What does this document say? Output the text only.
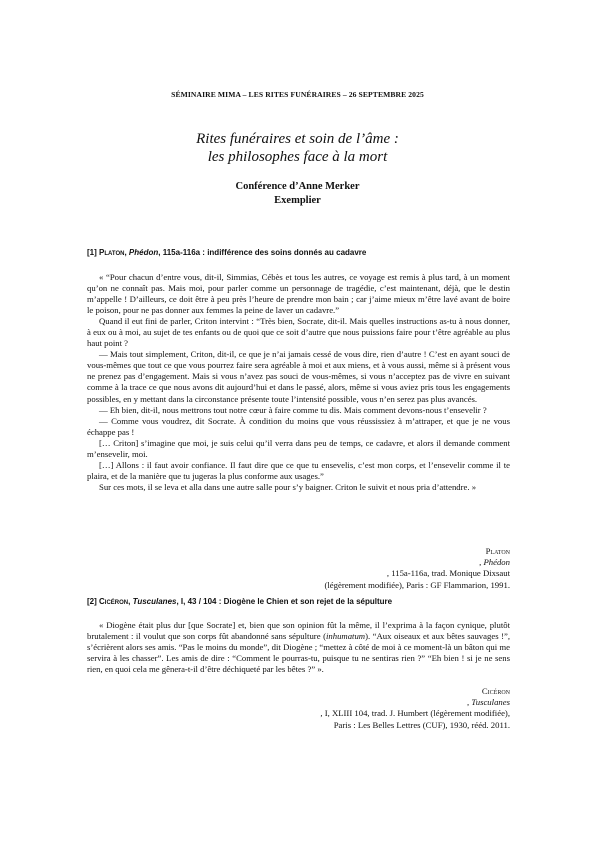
SÉMINAIRE MIMA – LES RITES FUNÉRAIRES – 26 SEPTEMBRE 2025
Rites funéraires et soin de l’âme :
les philosophes face à la mort
Conférence d’Anne Merker
Exemplier
[1] Platon, Phédon, 115a-116a : indifférence des soins donnés au cadavre

« “Pour chacun d’entre vous, dit-il, Simmias, Cébès et tous les autres, ce voyage est remis à plus tard, à un moment qu’on ne connaît pas. Mais moi, pour parler comme un personnage de tragédie, c’est maintenant, déjà, que le destin m’appelle ! D’ailleurs, ce doit être à peu près l’heure de prendre mon bain ; car j’aime mieux m’être lavé avant de boire le poison, pour ne pas donner aux femmes la peine de laver un cadavre.”

Quand il eut fini de parler, Criton intervint : “Très bien, Socrate, dit-il. Mais quelles instructions as-tu à nous donner, à eux ou à moi, au sujet de tes enfants ou de quoi que ce soit d’autre que nous puissions faire pour t’être agréable au plus haut point ?

— Mais tout simplement, Criton, dit-il, ce que je n’ai jamais cessé de vous dire, rien d’autre ! C’est en ayant souci de vous-mêmes que tout ce que vous pourrez faire sera agréable à moi et aux miens, et à vous aussi, même si à présent vous ne prenez pas d’engagement. Mais si vous n’avez pas souci de vous-mêmes, si vous n’acceptez pas de vivre en suivant comme à la trace ce que nous avons dit aujourd’hui et dans le passé, alors, même si vous aviez pris tous les engagements possibles, en y mettant dans la circonstance présente toute l’intensité possible, vous n’en serez pas plus avancés.

— Eh bien, dit-il, nous mettrons tout notre cœur à faire comme tu dis. Mais comment devons-nous t’ensevelir ?

— Comme vous voudrez, dit Socrate. À condition du moins que vous réussissiez à m’attraper, et que je ne vous échappe pas !

[… Criton] s’imagine que moi, je suis celui qu’il verra dans peu de temps, ce cadavre, et alors il demande comment m’ensevelir, moi.

[…] Allons : il faut avoir confiance. Il faut dire que ce que tu ensevelis, c’est mon corps, et l’ensevelir comme il te plaira, et de la manière que tu jugeras la plus conforme aux usages.”

Sur ces mots, il se leva et alla dans une autre salle pour s’y baigner. Criton le suivit et nous pria d’attendre. »

Platon
, Phédon
, 115a-116a, trad. Monique Dixsaut
(légèrement modifiée), Paris : GF Flammarion, 1991.
[2] Cicéron, Tusculanes, I, 43 / 104 : Diogène le Chien et son rejet de la sépulture

« Diogène était plus dur [que Socrate] et, bien que son opinion fût la même, il l’exprima à la façon cynique, plutôt brutalement : il voulut que son corps fût abandonné sans sépulture (inhumatum). “Aux oiseaux et aux bêtes sauvages !”, s’écrièrent alors ses amis. “Pas le moins du monde”, dit Diogène ; “mettez à côté de moi à ce moment-là un bâton qui me servira à les chasser”. Les amis de dire : “Comment le pourras-tu, puisque tu ne sentiras rien ?” “Eh bien ! si je ne sens rien, en quoi cela me gênera-t-il d’être déchiqueté par les bêtes ?” ».

Cicéron
, Tusculanes
, I, XLIII 104, trad. J. Humbert (légèrement modifiée),
Paris : Les Belles Lettres (CUF), 1930, rééd. 2011.
